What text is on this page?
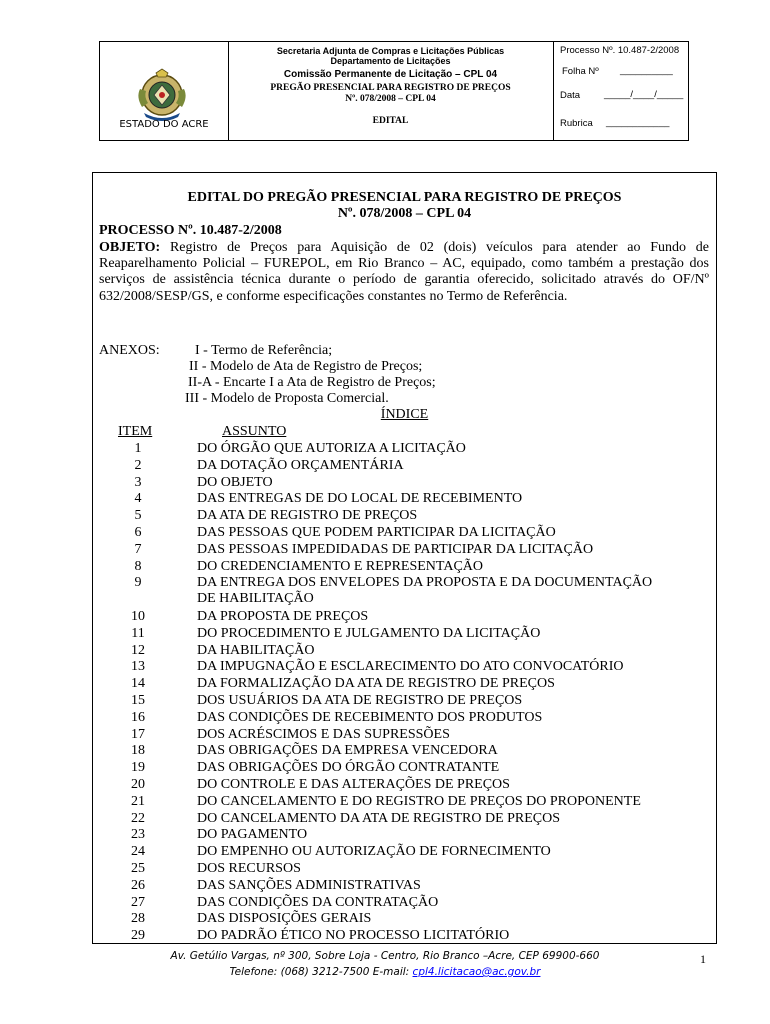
ESTADO DO ACRE
Secretaria Adjunta de Compras e Licitações Públicas
Departamento de Licitações
Comissão Permanente de Licitação – CPL 04
PREGÃO PRESENCIAL PARA REGISTRO DE PREÇOS
Nº. 078/2008 – CPL 04
EDITAL
Processo Nº. 10.487-2/2008
Folha Nº __________
Data	_____/____/_____
Rubrica ____________
EDITAL DO PREGÃO PRESENCIAL PARA REGISTRO DE PREÇOS
Nº. 078/2008 – CPL 04
PROCESSO Nº. 10.487-2/2008
OBJETO: Registro de Preços para Aquisição de 02 (dois) veículos para atender ao Fundo de Reaparelhamento Policial – FUREPOL, em Rio Branco – AC, equipado, como também a prestação dos serviços de assistência técnica durante o período de garantia oferecido, solicitado através do OF/Nº 632/2008/SESP/GS, e conforme especificações constantes no Termo de Referência.
ANEXOS:	I - Termo de Referência;
II - Modelo de Ata de Registro de Preços;
II-A - Encarte I a Ata de Registro de Preços;
III - Modelo de Proposta Comercial.
ÍNDICE
ITEM	ASSUNTO
1	DO ÓRGÃO QUE AUTORIZA A LICITAÇÃO
2	DA DOTAÇÃO ORÇAMENTÁRIA
3	DO OBJETO
4	DAS ENTREGAS DE DO LOCAL DE RECEBIMENTO
5	DA ATA DE REGISTRO DE PREÇOS
6	DAS PESSOAS QUE PODEM PARTICIPAR DA LICITAÇÃO
7	DAS PESSOAS IMPEDIDADAS DE PARTICIPAR DA LICITAÇÃO
8	DO CREDENCIAMENTO E REPRESENTAÇÃO
9	DA ENTREGA DOS ENVELOPES DA PROPOSTA E DA DOCUMENTAÇÃO
DE HABILITAÇÃO
10	DA PROPOSTA DE PREÇOS
11	DO PROCEDIMENTO E JULGAMENTO DA LICITAÇÃO
12	DA HABILITAÇÃO
13	DA IMPUGNAÇÃO E ESCLARECIMENTO DO ATO CONVOCATÓRIO
14	DA FORMALIZAÇÃO DA ATA DE REGISTRO DE PREÇOS
15	DOS USUÁRIOS DA ATA DE REGISTRO DE PREÇOS
16	DAS CONDIÇÕES DE RECEBIMENTO DOS PRODUTOS
17	DOS ACRÉSCIMOS E DAS SUPRESSÕES
18	DAS OBRIGAÇÕES DA EMPRESA VENCEDORA
19	DAS OBRIGAÇÕES DO ÓRGÃO CONTRATANTE
20	DO CONTROLE E DAS ALTERAÇÕES DE PREÇOS
21	DO CANCELAMENTO E DO REGISTRO DE PREÇOS DO PROPONENTE
22	DO CANCELAMENTO DA ATA DE REGISTRO DE PREÇOS
23	DO PAGAMENTO
24	DO EMPENHO OU AUTORIZAÇÃO DE FORNECIMENTO
25	DOS RECURSOS
26	DAS SANÇÕES ADMINISTRATIVAS
27	DAS CONDIÇÕES DA CONTRATAÇÃO
28	DAS DISPOSIÇÕES GERAIS
29	DO PADRÃO ÉTICO NO PROCESSO LICITATÓRIO
Av. Getúlio Vargas, nº 300, Sobre Loja - Centro, Rio Branco –Acre, CEP 69900-660
Telefone: (068) 3212-7500 E-mail: cpl4.licitacao@ac.gov.br
1
